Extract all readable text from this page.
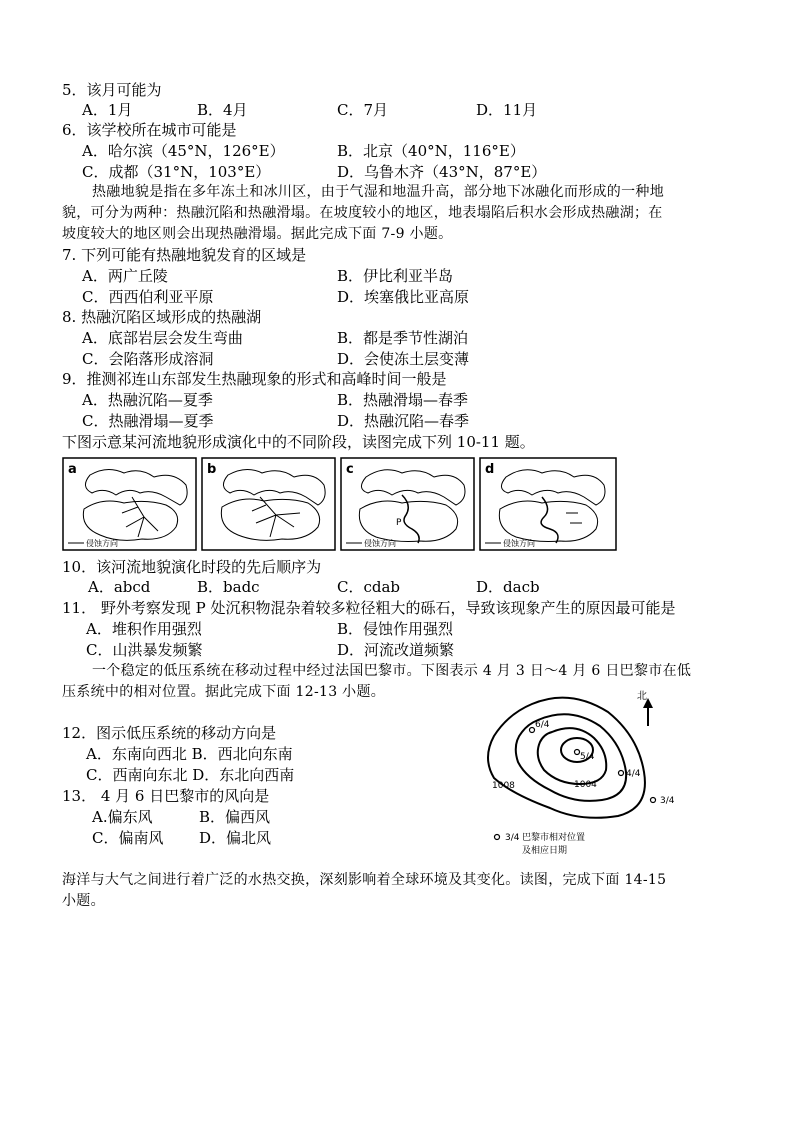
5．该月可能为
A．1月	B．4月	C．7月	D．11月
6．该学校所在城市可能是
A．哈尔滨（45°N，126°E）	B．北京（40°N，116°E）
C．成都（31°N，103°E）	D．乌鲁木齐（43°N，87°E）
热融地貌是指在多年冻土和冰川区，由于气湿和地温升高，部分地下冰融化而形成的一种地
貌，可分为两种：热融沉陷和热融滑塌。在坡度较小的地区，地表塌陷后积水会形成热融湖；在
坡度较大的地区则会出现热融滑塌。据此完成下面 7-9 小题。
7. 下列可能有热融地貌发育的区域是
A．两广丘陵	B．伊比利亚半岛
C．西西伯利亚平原	D．埃塞俄比亚高原
8. 热融沉陷区域形成的热融湖
A．底部岩层会发生弯曲	B．都是季节性湖泊
C．会陷落形成溶洞	D．会使冻土层变薄
9．推测祁连山东部发生热融现象的形式和高峰时间一般是
A．热融沉陷—夏季	B．热融滑塌—春季
C．热融滑塌—夏季	D．热融沉陷—春季
下图示意某河流地貌形成演化中的不同阶段，读图完成下列 10-11 题。
a
侵蚀方向
b	c
P
侵蚀方向
d
侵蚀方向
10．该河流地貌演化时段的先后顺序为
A．abcd	B．badc	C．cdab	D．dacb
11． 野外考察发现 P 处沉积物混杂着较多粒径粗大的砾石，导致该现象产生的原因最可能是
A．堆积作用强烈	B．侵蚀作用强烈
C．山洪暴发频繁	D．河流改道频繁
一个稳定的低压系统在移动过程中经过法国巴黎市。下图表示 4 月 3 日～4 月 6 日巴黎市在低
压系统中的相对位置。据此完成下面 12-13 小题。
12．图示低压系统的移动方向是
A．东南向西北 B．西北向东南
C．西南向东北 D．东北向西南
13． 4 月 6 日巴黎市的风向是
A.偏东风	B．偏西风
C．偏南风 D．偏北风
北
1008	1004
6/4
5/4
4/4
3/4
3/4 巴黎市相对位置
及相应日期
海洋与大气之间进行着广泛的水热交换，深刻影响着全球环境及其变化。读图，完成下面 14-15
小题。
